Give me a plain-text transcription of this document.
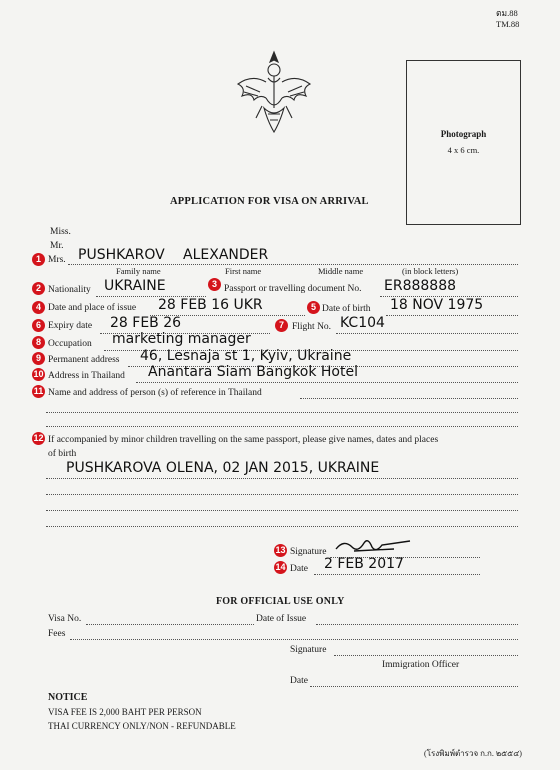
ตม.88
TM.88
Photograph
4 x 6 cm.
APPLICATION FOR VISA ON ARRIVAL
Miss.
Mr.
1 Mrs. PUSHKAROV ALEXANDER
Family name	First name	Middle name	(in block letters)
2 Nationality UKRAINE	3 Passport or travelling document No. ER888888
4 Date and place of issue 28 FEB 16 UKR	5 Date of birth 18 NOV 1975
6 Expiry date 28 FEB 26	7 Flight No. KC104
8 Occupation marketing manager
9 Permanent address 46, Lesnaja st 1, Kyiv, Ukraine
10 Address in Thailand Anantara Siam Bangkok Hotel
11 Name and address of person (s) of reference in Thailand
12 If accompanied by minor children travelling on the same passport, please give names, dates and places
of birth
PUSHKAROVA OLENA, 02 JAN 2015, UKRAINE
13 Signature
14 Date 2 FEB 2017
FOR OFFICIAL USE ONLY
Visa No.	Date of Issue
Fees
Signature
Immigration Officer
Date
NOTICE
VISA FEE IS 2,000 BAHT PER PERSON
THAI CURRENCY ONLY/NON - REFUNDABLE
(โรงพิมพ์ตำรวจ ก.ก. ๒๕๕๔)
